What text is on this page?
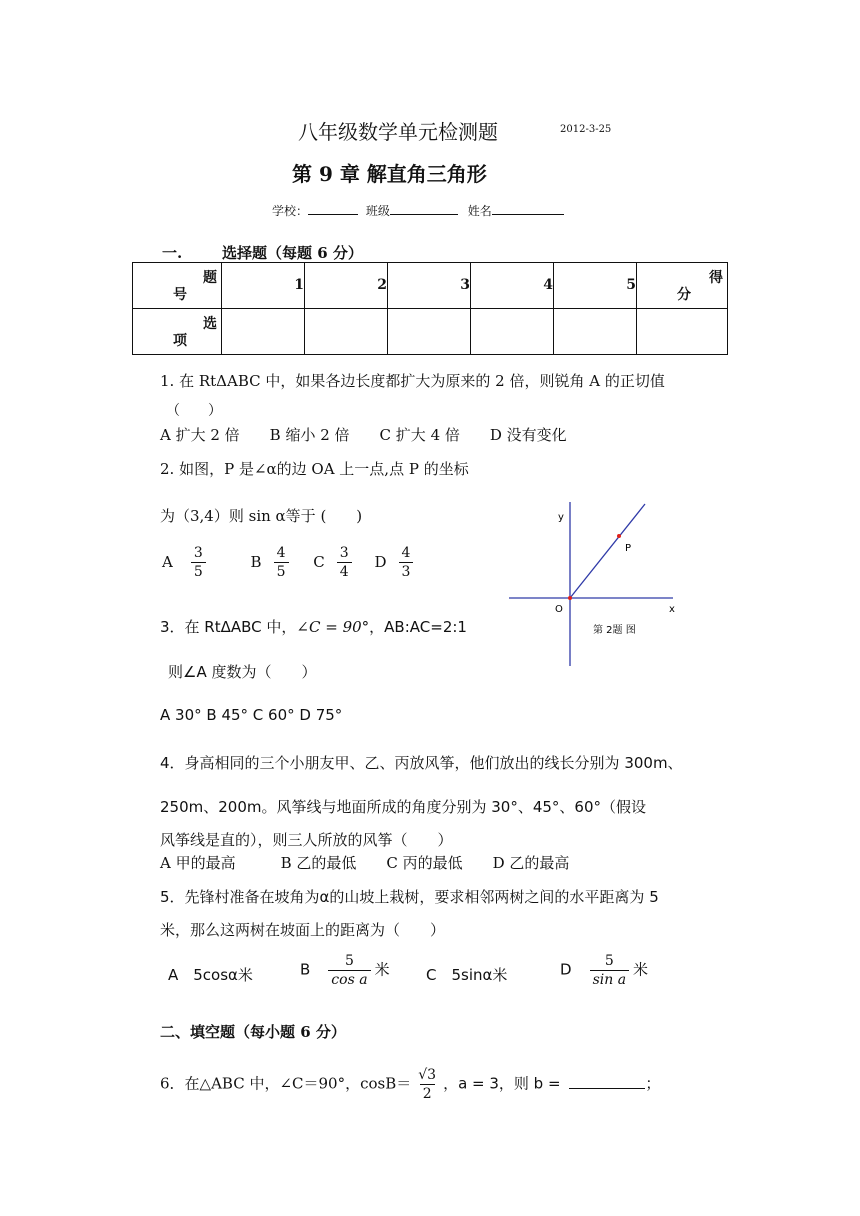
八年级数学单元检测题	2012-3-25
第 9 章 解直角三角形
学校：	班级	姓名
一.	选择题（每题 6 分）
题
号	1	2	3	4	5	得
分

选
项						

1. 在 RtΔABC 中，如果各边长度都扩大为原来的 2 倍，则锐角 A 的正切值
（　　）
A 扩大 2 倍　　B 缩小 2 倍　　C 扩大 4 倍　　D 没有变化
2. 如图，P 是∠α的边 OA 上一点,点 P 的坐标
为（3,4）则 sin α等于 (　　)
A $\frac{3}{5}$	B $\frac{4}{5}$ C $\frac{3}{4}$ D $\frac{4}{3}$
y
x
O
P
第 2题 图
3．在 RtΔABC 中，∠C = 90°，AB:AC=2:1
则∠A 度数为（　　）
A 30° B 45° C 60° D 75°
4．身高相同的三个小朋友甲、乙、丙放风筝，他们放出的线长分别为 300m、
250m、200m。风筝线与地面所成的角度分别为 30°、45°、60°（假设
风筝线是直的），则三人所放的风筝（　　）
A 甲的最高　　　B 乙的最低　　C 丙的最低　　D 乙的最高
5．先锋村准备在坡角为α的山坡上栽树，要求相邻两树之间的水平距离为 5
米，那么这两树在坡面上的距离为（　　）
A　5cosα米	B $\frac{5}{\text{cos a}}$ 米 C　5sinα米	D $\frac{5}{\text{sin a}}$ 米
二、填空题（每小题 6 分）
6．在△ABC 中，∠C＝90°，$\cos B= \frac{√3}{2}$ ，a = 3，则 b =	；
